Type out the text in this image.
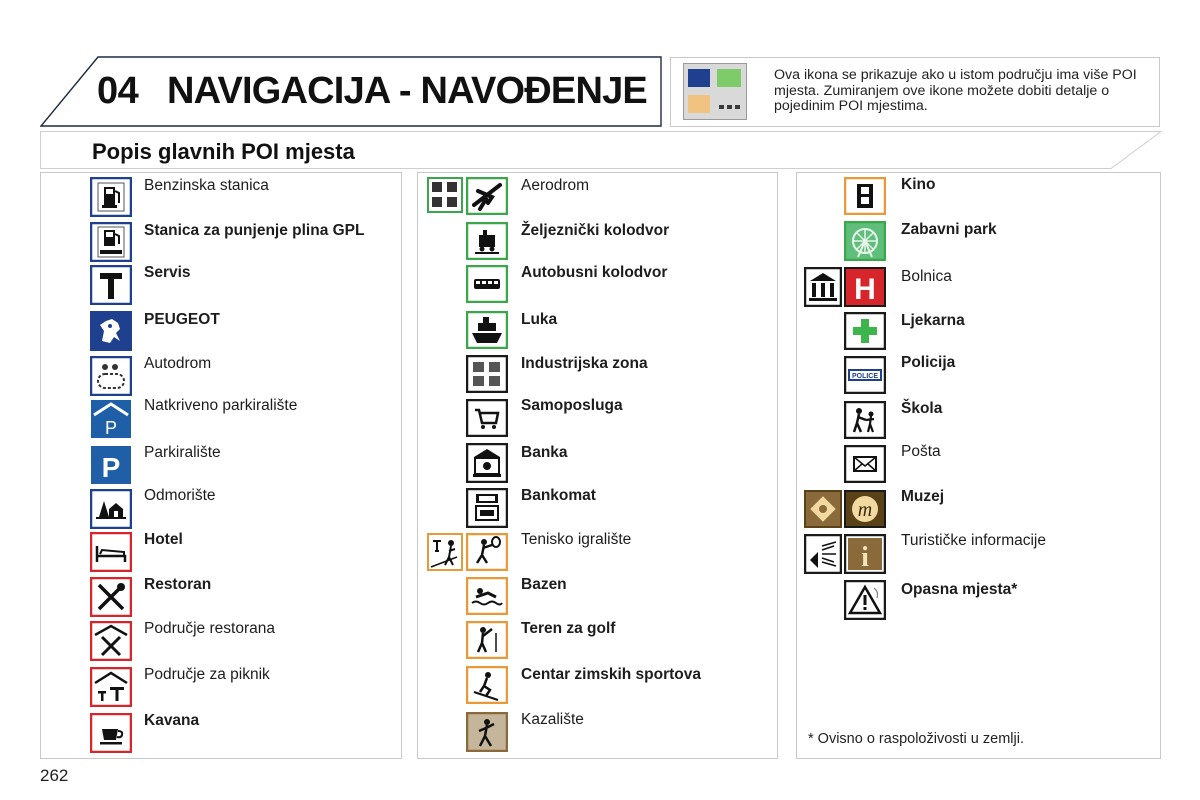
04 NAVIGACIJA - NAVOĐENJE	Ova ikona se prikazuje ako u istom području ima više POI mjesta. Zumiranjem ove ikone možete dobiti detalje o pojedinim POI mjestima.
Popis glavnih POI mjesta
Benzinska stanica
Stanica za punjenje plina GPL
Servis
PEUGEOT
Autodrom
P
Natkriveno parkiralište
P Parkiralište
Odmorište
Hotel
Restoran
Područje restorana
Područje za piknik
Kavana
Aerodrom
Željeznički kolodvor
Autobusni kolodvor
Luka
Industrijska zona
Samoposluga
Banka
Bankomat
Tenisko igralište
Bazen
Teren za golf
Centar zimskih sportova
Kazalište
Kino
Zabavni park
H Bolnica
Ljekarna
POLICE
Policija
Škola
Pošta
m
Muzej
i
Turističke informacije
Opasna mjesta*
* Ovisno o raspoloživosti u zemlji.
262
